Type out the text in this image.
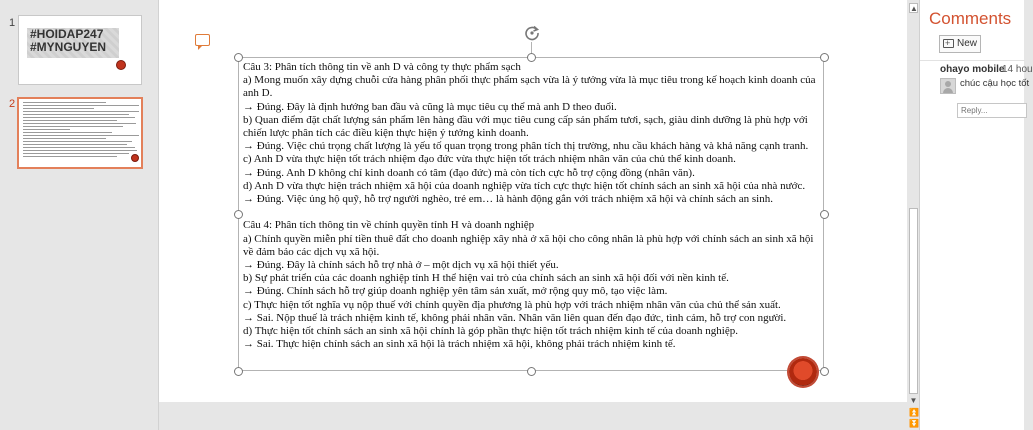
1
#HOIDAP247
#MYNGUYEN
2

Câu 3: Phân tích thông tin về anh D và công ty thực phẩm sạch

a) Mong muốn xây dựng chuỗi cửa hàng phân phối thực phẩm sạch vừa là ý tưởng vừa là mục tiêu trong kế hoạch kinh doanh của anh D.

→ Đúng. Đây là định hướng ban đầu và cũng là mục tiêu cụ thể mà anh D theo đuổi.

b) Quan điểm đặt chất lượng sản phẩm lên hàng đầu với mục tiêu cung cấp sản phẩm tươi, sạch, giàu dinh dưỡng là phù hợp với chiến lược phân tích các điều kiện thực hiện ý tưởng kinh doanh.

→ Đúng. Việc chú trọng chất lượng là yếu tố quan trọng trong phân tích thị trường, nhu cầu khách hàng và khả năng cạnh tranh.

c) Anh D vừa thực hiện tốt trách nhiệm đạo đức vừa thực hiện tốt trách nhiệm nhân văn của chủ thể kinh doanh.

→ Đúng. Anh D không chỉ kinh doanh có tâm (đạo đức) mà còn tích cực hỗ trợ cộng đồng (nhân văn).

d) Anh D vừa thực hiện trách nhiệm xã hội của doanh nghiệp vừa tích cực thực hiện tốt chính sách an sinh xã hội của nhà nước.

→ Đúng. Việc ủng hộ quỹ, hỗ trợ người nghèo, trẻ em… là hành động gắn với trách nhiệm xã hội và chính sách an sinh.

Câu 4: Phân tích thông tin về chính quyền tỉnh H và doanh nghiệp

a) Chính quyền miễn phí tiền thuê đất cho doanh nghiệp xây nhà ở xã hội cho công nhân là phù hợp với chính sách an sinh xã hội về đảm bảo các dịch vụ xã hội.

→ Đúng. Đây là chính sách hỗ trợ nhà ở – một dịch vụ xã hội thiết yếu.

b) Sự phát triển của các doanh nghiệp tỉnh H thể hiện vai trò của chính sách an sinh xã hội đối với nền kinh tế.

→ Đúng. Chính sách hỗ trợ giúp doanh nghiệp yên tâm sản xuất, mở rộng quy mô, tạo việc làm.

c) Thực hiện tốt nghĩa vụ nộp thuế với chính quyền địa phương là phù hợp với trách nhiệm nhân văn của chủ thể sản xuất.

→ Sai. Nộp thuế là trách nhiệm kinh tế, không phải nhân văn. Nhân văn liên quan đến đạo đức, tình cảm, hỗ trợ con người.

d) Thực hiện tốt chính sách an sinh xã hội chính là góp phần thực hiện tốt trách nhiệm kinh tế của doanh nghiệp.

→ Sai. Thực hiện chính sách an sinh xã hội là trách nhiệm xã hội, không phải trách nhiệm kinh tế.

▲
▼
⏫
⏬
Comments
+
New
ohayo mobile
14 hou
chúc cậu học tốt
Reply...
